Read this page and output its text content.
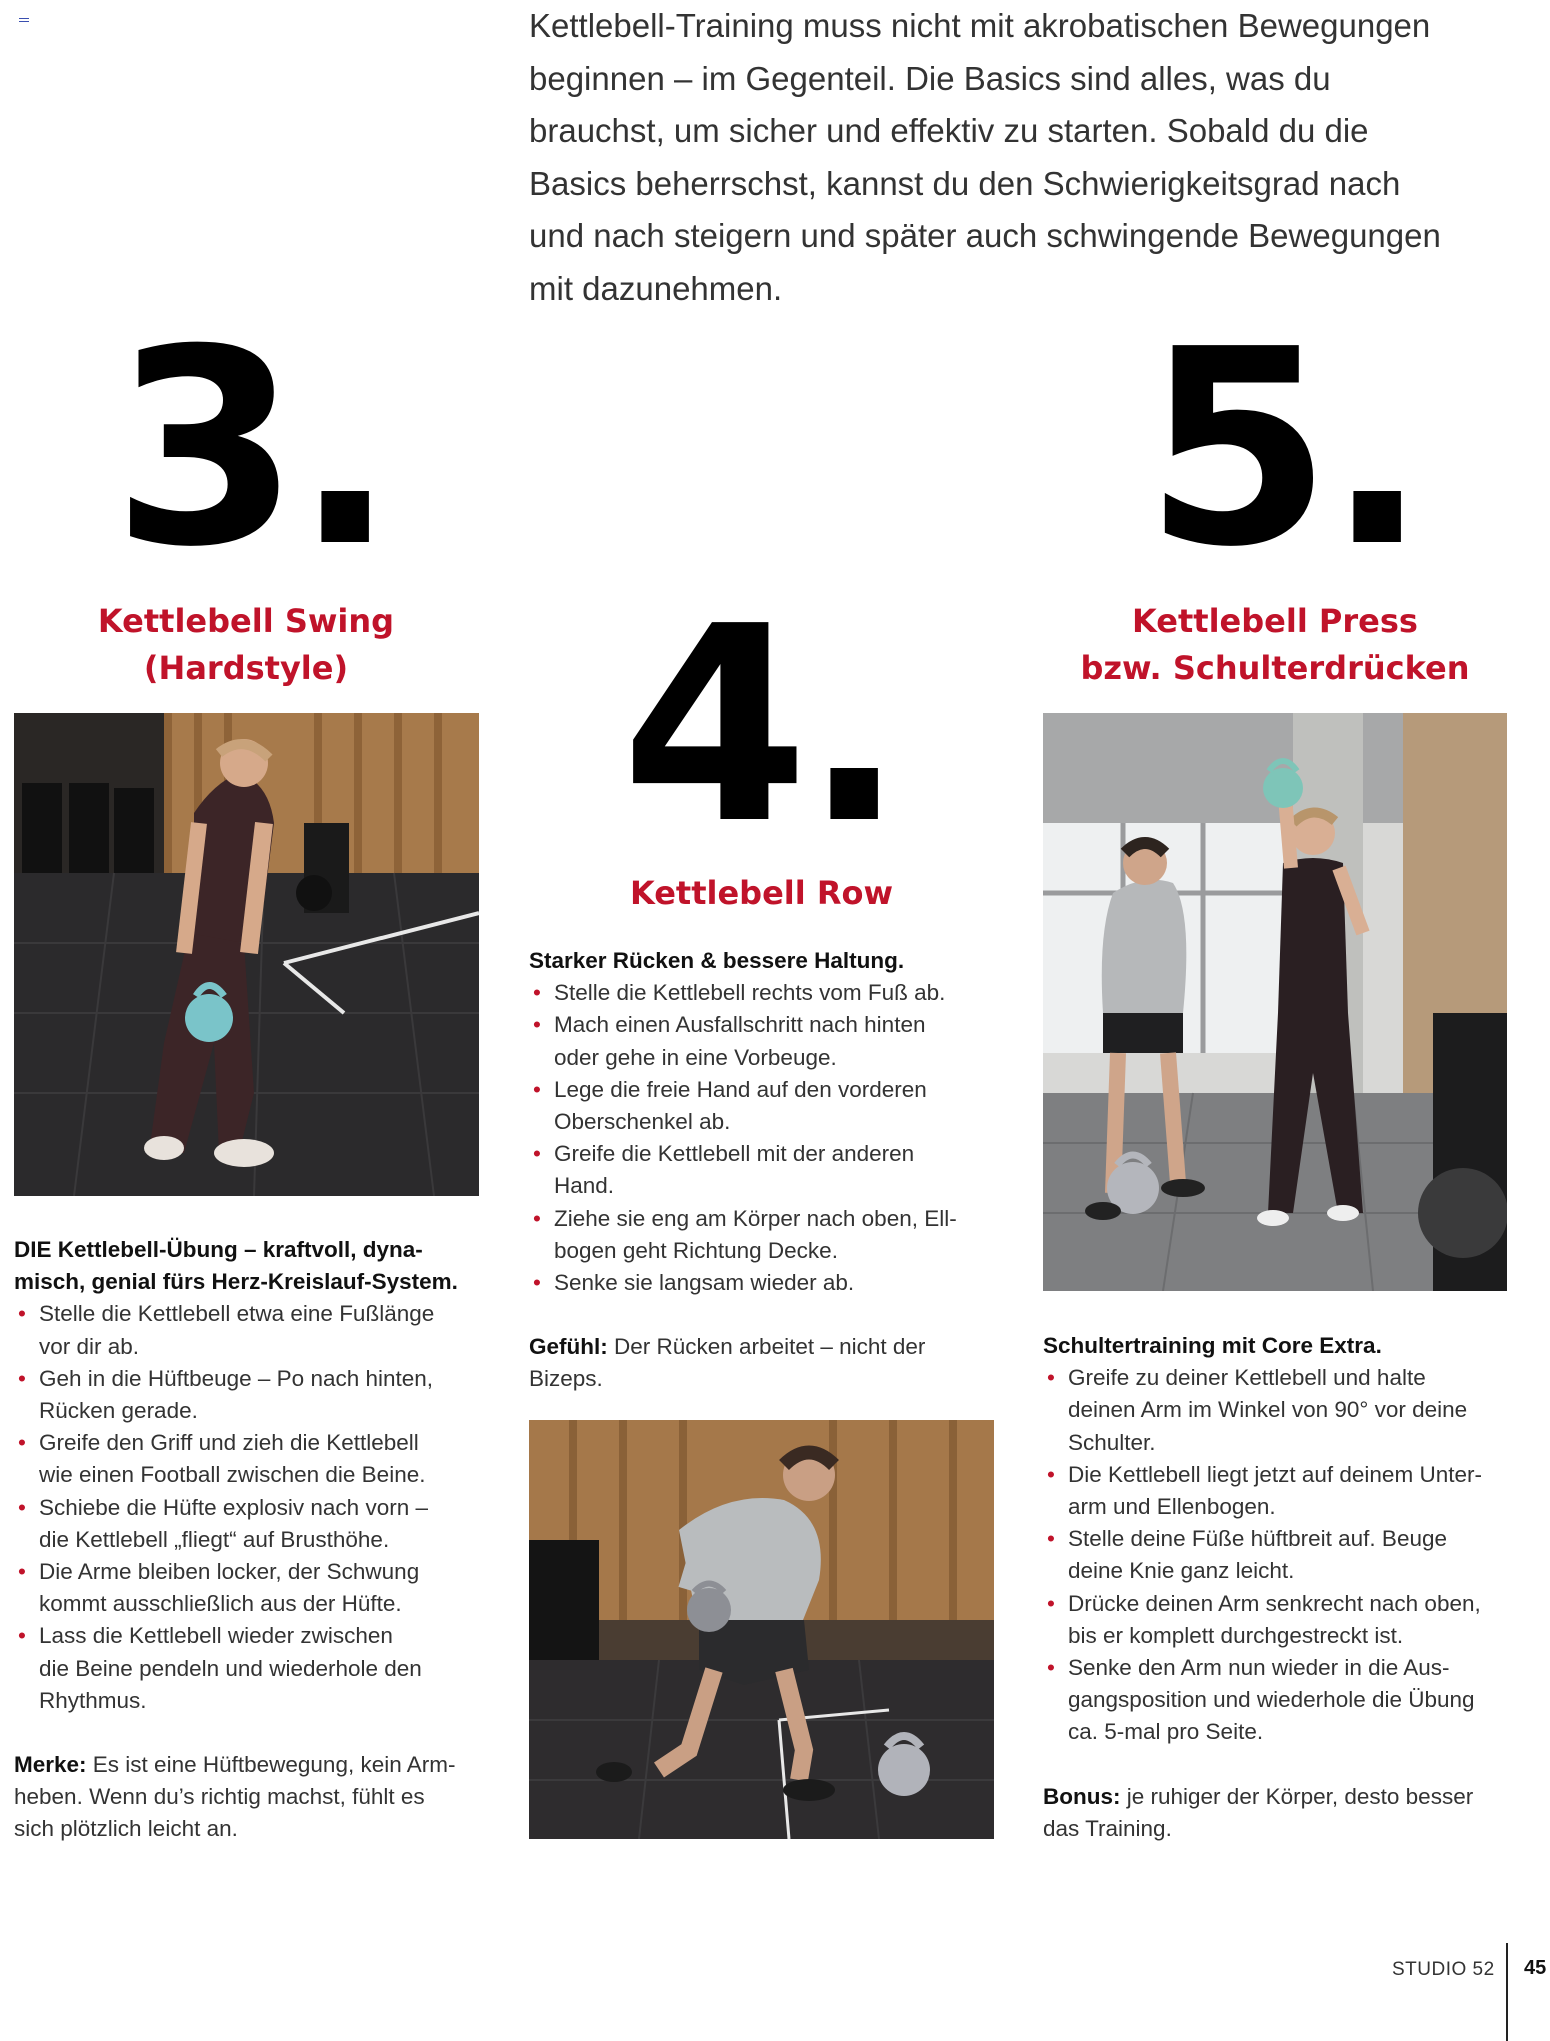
Kettlebell-Training muss nicht mit akrobatischen Bewegungen
beginnen – im Gegenteil. Die Basics sind alles, was du
brauchst, um sicher und effektiv zu starten. Sobald du die
Basics beherrschst, kannst du den Schwierigkeitsgrad nach
und nach steigern und später auch schwingende Bewegungen
mit dazunehmen.
3.
4.
5.
Kettlebell Swing
(Hardstyle)
Kettlebell Row
Kettlebell Press
bzw. Schulterdrücken
DIE Kettlebell-Übung – kraftvoll, dyna-
misch, genial fürs Herz-Kreislauf-System.
• Stelle die Kettlebell etwa eine Fußlänge
vor dir ab.
• Geh in die Hüftbeuge – Po nach hinten,
Rücken gerade.
• Greife den Griff und zieh die Kettlebell
wie einen Football zwischen die Beine.
• Schiebe die Hüfte explosiv nach vorn –
die Kettlebell „fliegt“ auf Brusthöhe.
• Die Arme bleiben locker, der Schwung
kommt ausschließlich aus der Hüfte.
• Lass die Kettlebell wieder zwischen
die Beine pendeln und wiederhole den
Rhythmus.
Merke: Es ist eine Hüftbewegung, kein Arm-
heben. Wenn du’s richtig machst, fühlt es
sich plötzlich leicht an.
Starker Rücken & bessere Haltung.
• Stelle die Kettlebell rechts vom Fuß ab.
• Mach einen Ausfallschritt nach hinten
oder gehe in eine Vorbeuge.
• Lege die freie Hand auf den vorderen
Oberschenkel ab.
• Greife die Kettlebell mit der anderen
Hand.
• Ziehe sie eng am Körper nach oben, Ell-
bogen geht Richtung Decke.
• Senke sie langsam wieder ab.
Gefühl: Der Rücken arbeitet – nicht der
Bizeps.
Schultertraining mit Core Extra.
• Greife zu deiner Kettlebell und halte
deinen Arm im Winkel von 90° vor deine
Schulter.
• Die Kettlebell liegt jetzt auf deinem Unter-
arm und Ellenbogen.
• Stelle deine Füße hüftbreit auf. Beuge
deine Knie ganz leicht.
• Drücke deinen Arm senkrecht nach oben,
bis er komplett durchgestreckt ist.
• Senke den Arm nun wieder in die Aus-
gangsposition und wiederhole die Übung
ca. 5-mal pro Seite.
Bonus: je ruhiger der Körper, desto besser
das Training.
STUDIO 52 45
